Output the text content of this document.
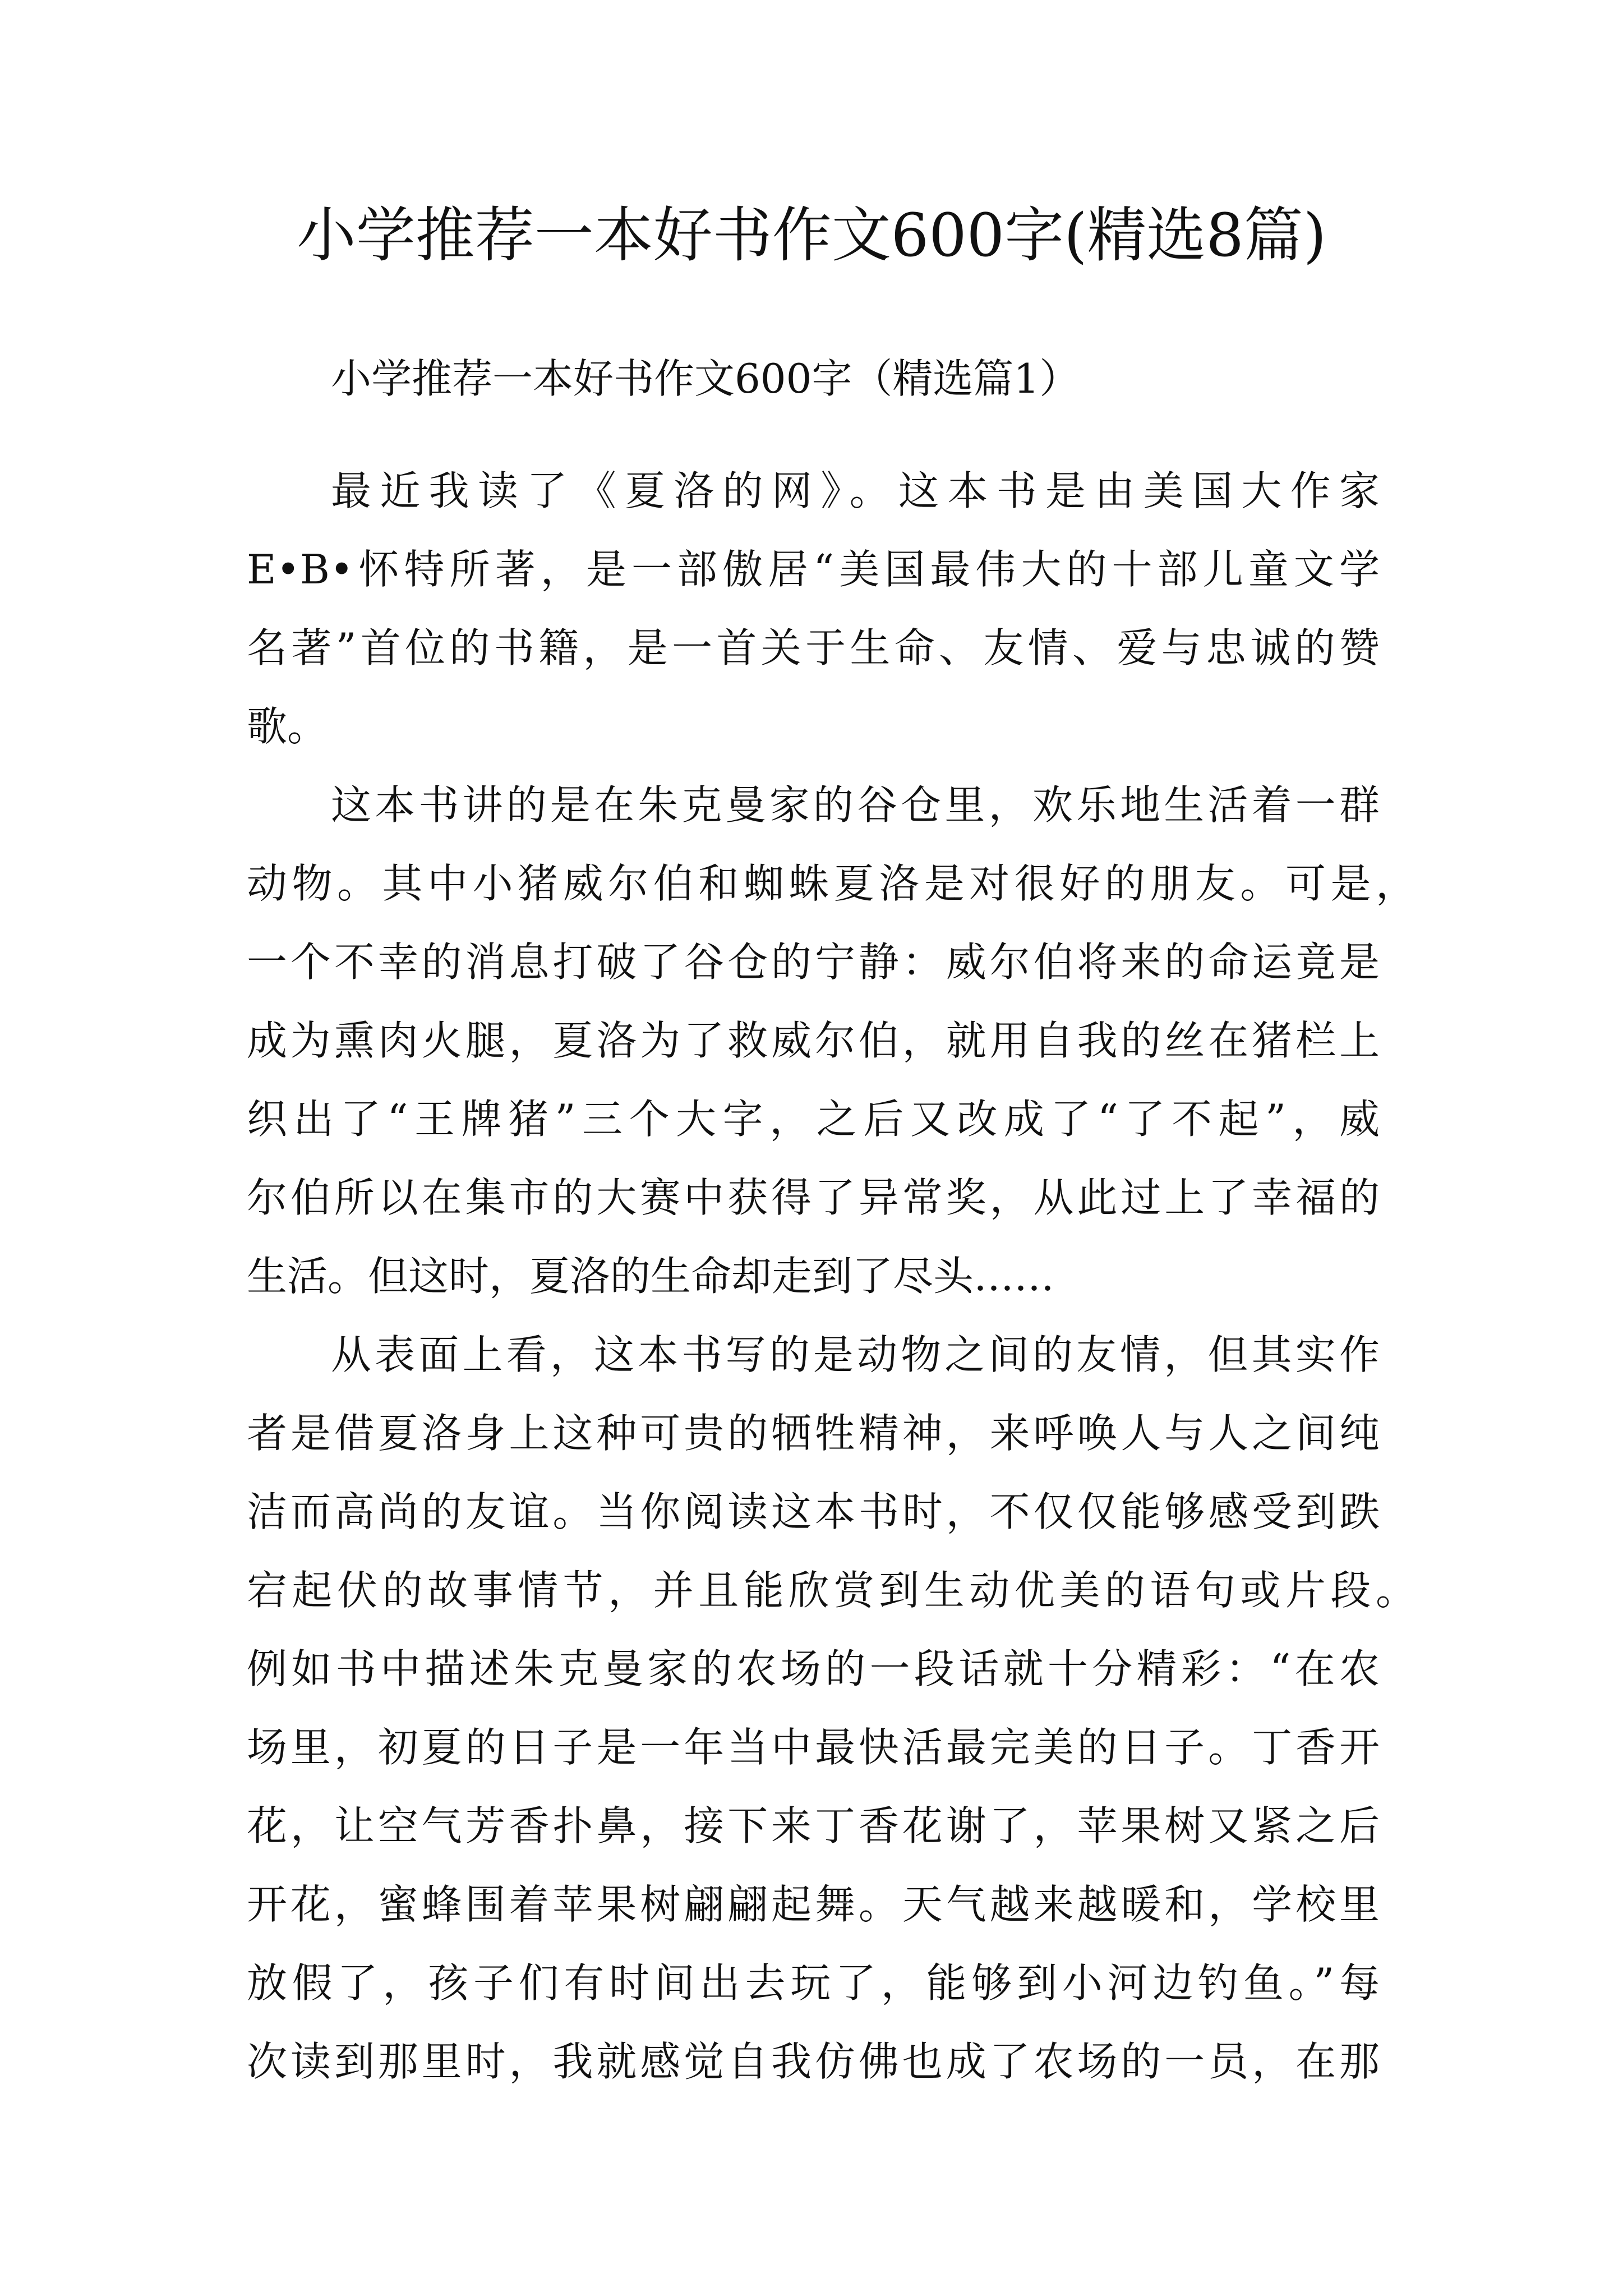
小学推荐一本好书作文600字(精选8篇)

小学推荐一本好书作文600字（精选篇1）

最近我读了《夏洛的网》。这本书是由美国大作家

E•B•怀特所著，是一部傲居“美国最伟大的十部儿童文学

名著”首位的书籍，是一首关于生命、友情、爱与忠诚的赞

歌。

这本书讲的是在朱克曼家的谷仓里，欢乐地生活着一群

动物。其中小猪威尔伯和蜘蛛夏洛是对很好的朋友。可是，

一个不幸的消息打破了谷仓的宁静：威尔伯将来的命运竟是

成为熏肉火腿，夏洛为了救威尔伯，就用自我的丝在猪栏上

织出了“王牌猪”三个大字，之后又改成了“了不起”，威

尔伯所以在集市的大赛中获得了异常奖，从此过上了幸福的

生活。但这时，夏洛的生命却走到了尽头……

从表面上看，这本书写的是动物之间的友情，但其实作

者是借夏洛身上这种可贵的牺牲精神，来呼唤人与人之间纯

洁而高尚的友谊。当你阅读这本书时，不仅仅能够感受到跌

宕起伏的故事情节，并且能欣赏到生动优美的语句或片段。

例如书中描述朱克曼家的农场的一段话就十分精彩：“在农

场里，初夏的日子是一年当中最快活最完美的日子。丁香开

花，让空气芳香扑鼻，接下来丁香花谢了，苹果树又紧之后

开花，蜜蜂围着苹果树翩翩起舞。天气越来越暖和，学校里

放假了，孩子们有时间出去玩了，能够到小河边钓鱼。”每

次读到那里时，我就感觉自我仿佛也成了农场的一员，在那
